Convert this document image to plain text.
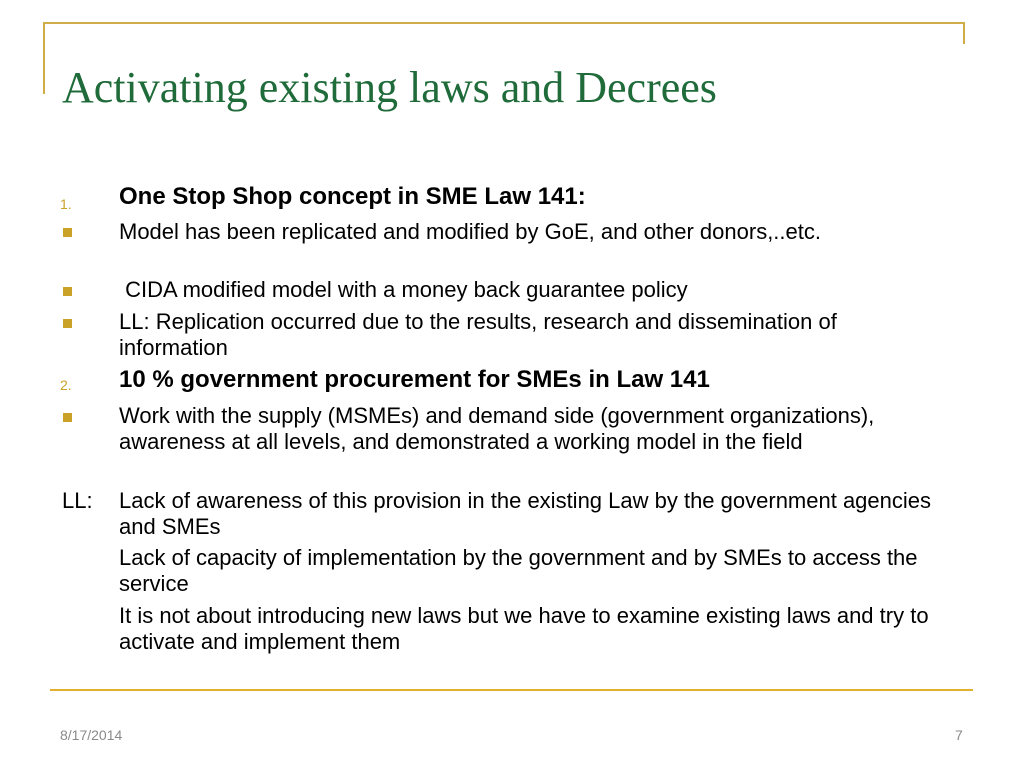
Activating existing laws and Decrees
1. One Stop Shop concept in SME Law 141:
Model has been replicated and modified by GoE, and other donors,..etc.
CIDA modified model with a money back guarantee policy
LL: Replication occurred due to the results, research and dissemination of information
2. 10 % government procurement for SMEs in Law 141
Work with the supply (MSMEs) and demand side (government organizations), awareness at all levels, and demonstrated a working model in the field
LL: Lack of awareness of this provision in the existing Law by the government agencies and SMEs
Lack of capacity of implementation by the government and by SMEs to access the service
It is not about introducing new laws but we have to examine existing laws and try to activate and implement them
8/17/2014	7
